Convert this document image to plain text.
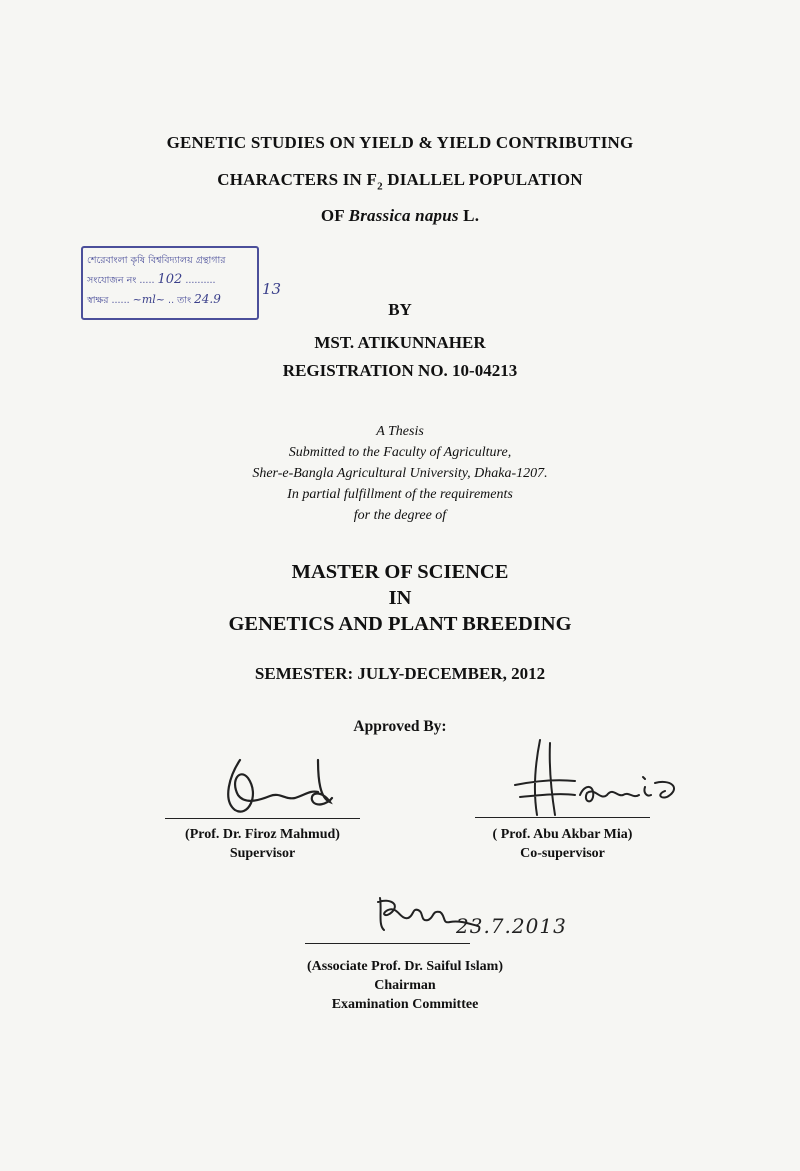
GENETIC STUDIES ON YIELD & YIELD CONTRIBUTING
CHARACTERS IN $F_2$ DIALLEL POPULATION
OF Brassica napus L.
শেরেবাংলা কৃষি বিশ্ববিদ্যালয় গ্রন্থাগার
সংযোজন নং ..... 102 ..........
স্বাক্ষর ...... ~ml~ .. তাং 24.9
13
BY
MST. ATIKUNNAHER
REGISTRATION NO. 10-04213
A Thesis
Submitted to the Faculty of Agriculture,
Sher-e-Bangla Agricultural University, Dhaka-1207.
In partial fulfillment of the requirements
for the degree of
MASTER OF SCIENCE
IN
GENETICS AND PLANT BREEDING
SEMESTER: JULY-DECEMBER, 2012
Approved By:
(Prof. Dr. Firoz Mahmud)
Supervisor
( Prof. Abu Akbar Mia)
Co-supervisor
23.7.2013
(Associate Prof. Dr. Saiful Islam)
Chairman
Examination Committee
